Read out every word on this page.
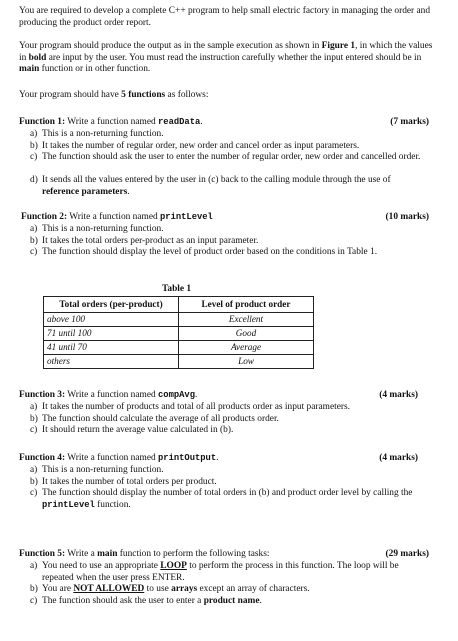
You are required to develop a complete C++ program to help small electric factory in managing the order and producing the product order report.
Your program should produce the output as in the sample execution as shown in Figure 1, in which the values in bold are input by the user. You must read the instruction carefully whether the input entered should be in main function or in other function.
Your program should have 5 functions as follows:
Function 1: Write a function named readData.	(7 marks)
a) This is a non-returning function.
b) It takes the number of regular order, new order and cancel order as input parameters.
c) The function should ask the user to enter the number of regular order, new order and cancelled order.
d) It sends all the values entered by the user in (c) back to the calling module through the use of reference parameters.
Function 2: Write a function named printLevel	(10 marks)
a) This is a non-returning function.
b) It takes the total orders per-product as an input parameter.
c) The function should display the level of product order based on the conditions in Table 1.
Table 1
Total orders (per-product)	Level of product order
above 100	Excellent
71 until 100	Good
41 until 70	Average
others	Low
Function 3: Write a function named compAvg.	(4 marks)
a) It takes the number of products and total of all products order as input parameters.
b) The function should calculate the average of all products order.
c) It should return the average value calculated in (b).
Function 4: Write a function named printOutput.	(4 marks)
a) This is a non-returning function.
b) It takes the number of total orders per product.
c) The function should display the number of total orders in (b) and product order level by calling the printLevel function.
Function 5: Write a main function to perform the following tasks:	(29 marks)
a) You need to use an appropriate LOOP to perform the process in this function. The loop will be repeated when the user press ENTER.
b) You are NOT ALLOWED to use arrays except an array of characters.
c) The function should ask the user to enter a product name.
